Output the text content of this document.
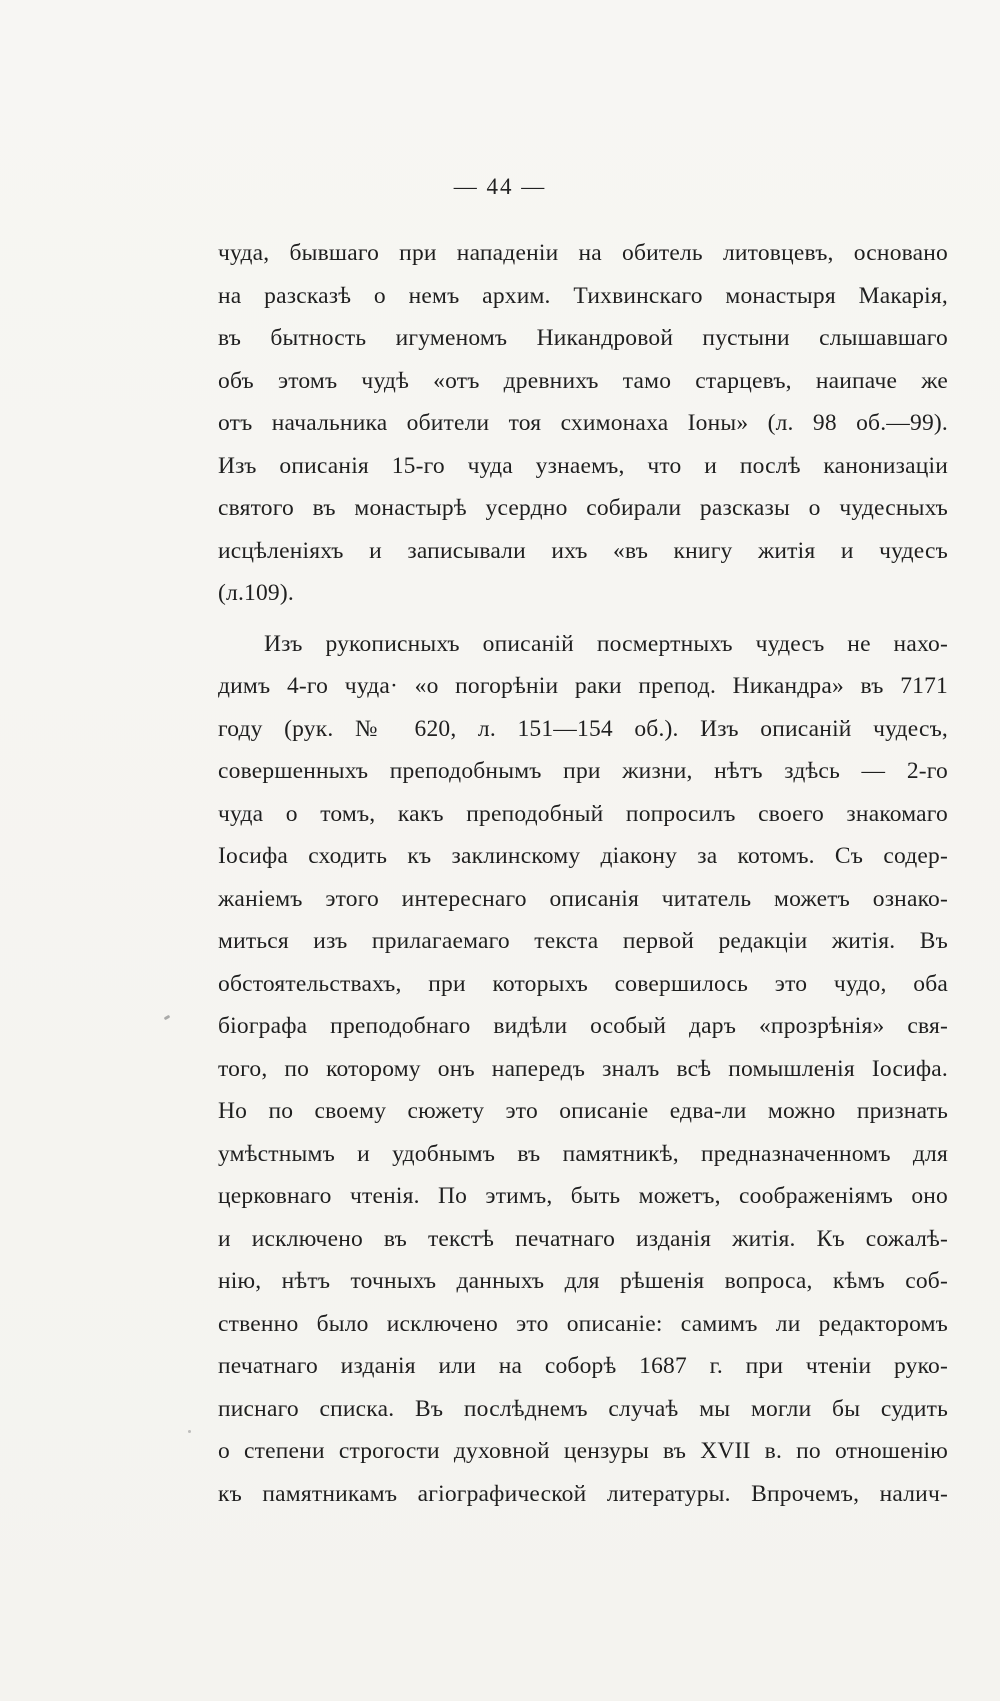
— 44 —
чуда, бывшаго при нападенiи на обитель литовцевъ, основано
на разсказѣ о немъ архим. Тихвинскаго монастыря Макарiя,
въ бытность игуменомъ Никандровой пустыни слышавшаго
объ этомъ чудѣ «отъ древнихъ тамо старцевъ, наипаче же
отъ начальника обители тоя схимонаха Iоны» (л. 98 об.—99).
Изъ описанiя 15-го чуда узнаемъ, что и послѣ канонизацiи
святого въ монастырѣ усердно собирали разсказы о чудесныхъ
исцѣленiяхъ и записывали ихъ «въ книгу житiя и чудесъ
(л.109).
Изъ рукописныхъ описанiй посмертныхъ чудесъ не нахо-
димъ 4-го чуда· «о погорѣнiи раки препод. Никандра» въ 7171
году (рук. № 620, л. 151—154 об.). Изъ описанiй чудесъ,
совершенныхъ преподобнымъ при жизни, нѣтъ здѣсь — 2-го
чуда о томъ, какъ преподобный попросилъ своего знакомаго
Iосифа сходить къ заклинскому дiакону за котомъ. Съ содер-
жанiемъ этого интереснаго описанiя читатель можетъ ознако-
миться изъ прилагаемаго текста первой редакцiи житiя. Въ
обстоятельствахъ, при которыхъ совершилось это чудо, оба
бiографа преподобнаго видѣли особый даръ «прозрѣнiя» свя-
того, по которому онъ напередъ зналъ всѣ помышленiя Iосифа.
Но по своему сюжету это описанiе едва-ли можно признать
умѣстнымъ и удобнымъ въ памятникѣ, предназначенномъ для
церковнаго чтенiя. По этимъ, быть можетъ, соображенiямъ оно
и исключено въ текстѣ печатнаго изданiя житiя. Къ сожалѣ-
нiю, нѣтъ точныхъ данныхъ для рѣшенiя вопроса, кѣмъ соб-
ственно было исключено это описанiе: самимъ ли редакторомъ
печатнаго изданiя или на соборѣ 1687 г. при чтенiи руко-
писнаго списка. Въ послѣднемъ случаѣ мы могли бы судить
о степени строгости духовной цензуры въ XVII в. по отношенiю
къ памятникамъ агiографической литературы. Впрочемъ, налич-
